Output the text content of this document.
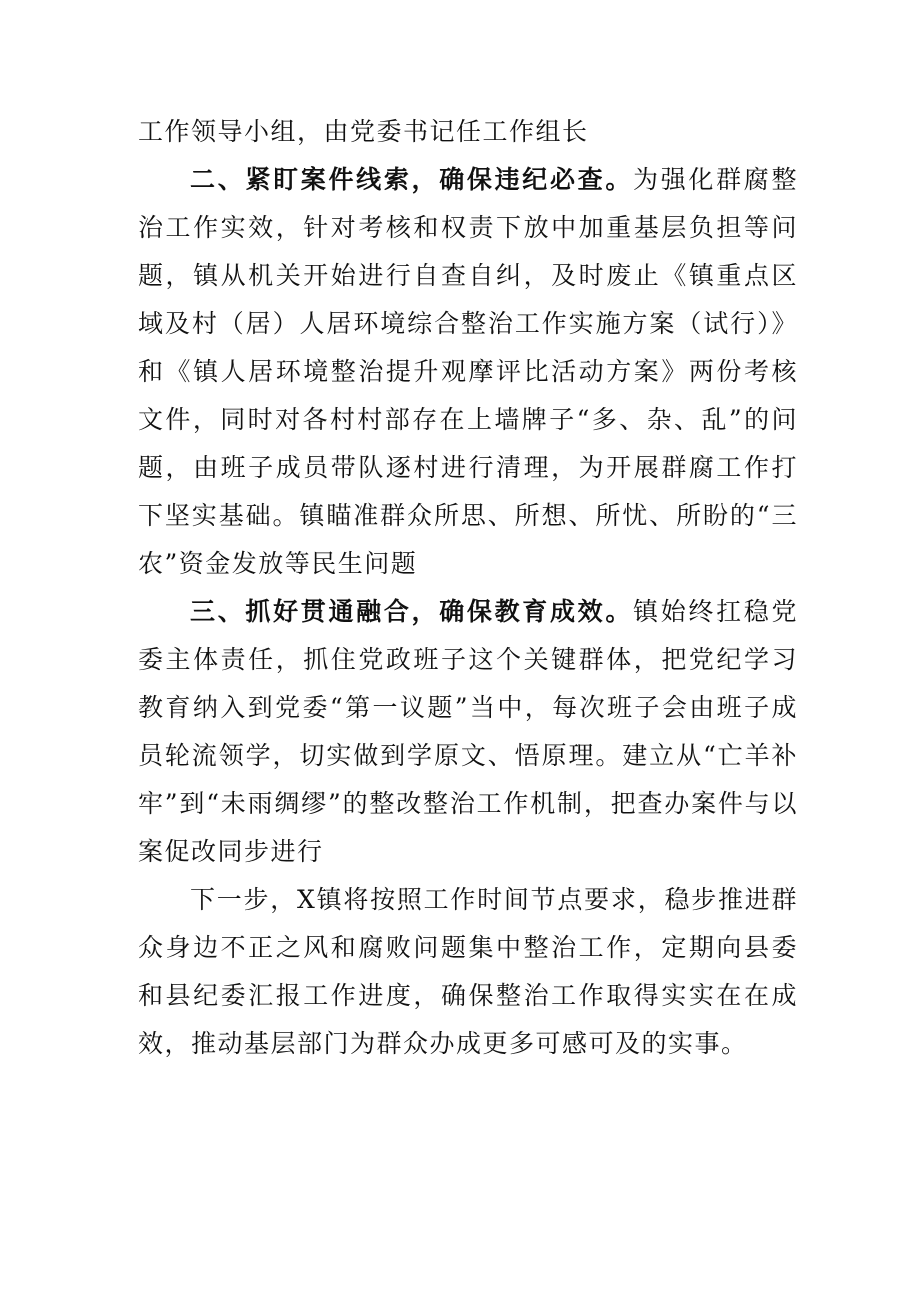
工作领导小组，由党委书记任工作组长

二、紧盯案件线索，确保违纪必查。为强化群腐整治工作实效，针对考核和权责下放中加重基层负担等问题，镇从机关开始进行自查自纠，及时废止《镇重点区域及村（居）人居环境综合整治工作实施方案（试行）》和《镇人居环境整治提升观摩评比活动方案》两份考核文件，同时对各村村部存在上墙牌子“多、杂、乱”的问题，由班子成员带队逐村进行清理，为开展群腐工作打下坚实基础。镇瞄准群众所思、所想、所忧、所盼的“三农”资金发放等民生问题

三、抓好贯通融合，确保教育成效。镇始终扛稳党委主体责任，抓住党政班子这个关键群体，把党纪学习教育纳入到党委“第一议题”当中，每次班子会由班子成员轮流领学，切实做到学原文、悟原理。建立从“亡羊补牢”到“未雨绸缪”的整改整治工作机制，把查办案件与以案促改同步进行

下一步，X镇将按照工作时间节点要求，稳步推进群众身边不正之风和腐败问题集中整治工作，定期向县委和县纪委汇报工作进度，确保整治工作取得实实在在成效，推动基层部门为群众办成更多可感可及的实事。
